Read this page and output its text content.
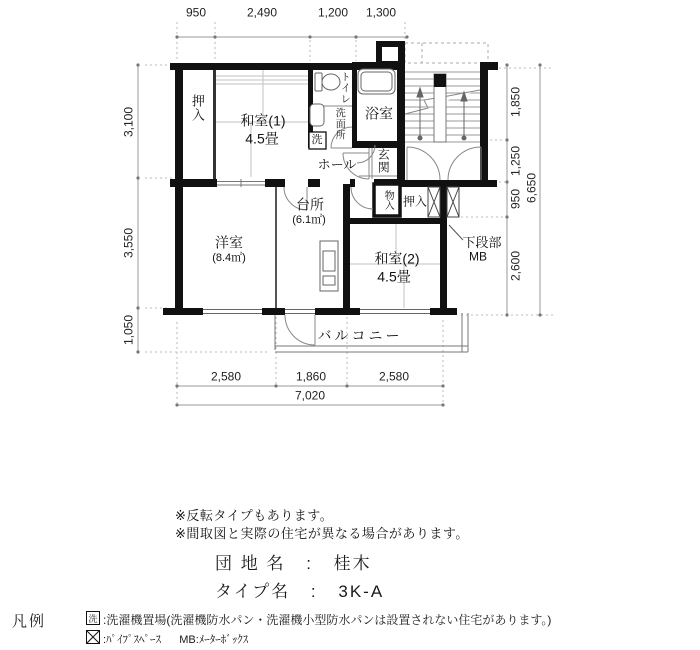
950	2,490	1,200 1,300
3,100
3,550
1,050
1,850
1,250
950
2,600
6,650
2,580	1,860	2,580
7,020
押入	和室(1)
4.5畳
トイレ
洗面所
洗
浴室
玄関
ホール
台所
(6.1㎡)
物入 押入
下段部
MB
洋室
(8.4㎡)	和室(2)
4.5畳
バルコニー
※反転タイプもあります。
※間取図と実際の住宅が異なる場合があります。
団 地 名 : 桂木
タイプ名 : 3K-A
凡例	洗 :洗濯機置場(洗濯機防水パン・洗濯機小型防水パンは設置されない住宅があります。)
:ﾊﾟｲﾌﾟｽﾍﾟｰｽ MB:ﾒｰﾀｰﾎﾞｯｸｽ
